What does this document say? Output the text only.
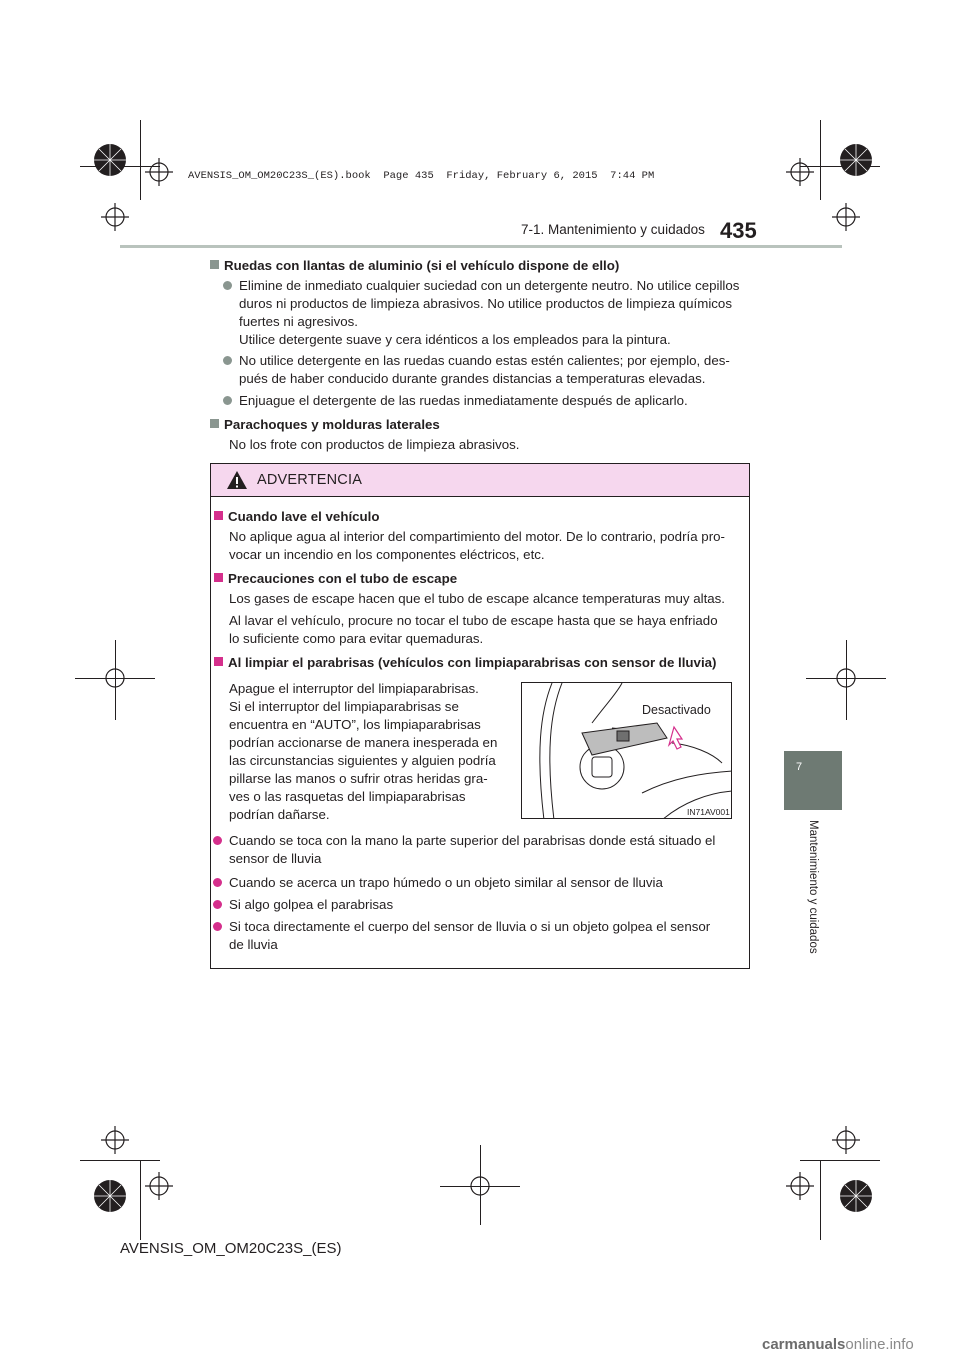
AVENSIS_OM_OM20C23S_(ES).book  Page 435  Friday, February 6, 2015  7:44 PM
7-1. Mantenimiento y cuidados 435
7
Mantenimiento y cuidados
Ruedas con llantas de aluminio (si el vehículo dispone de ello)
Elimine de inmediato cualquier suciedad con un detergente neutro. No utilice cepillos
duros ni productos de limpieza abrasivos. No utilice productos de limpieza químicos
fuertes ni agresivos.
Utilice detergente suave y cera idénticos a los empleados para la pintura.
No utilice detergente en las ruedas cuando estas estén calientes; por ejemplo, des-
pués de haber conducido durante grandes distancias a temperaturas elevadas.
Enjuague el detergente de las ruedas inmediatamente después de aplicarlo.
Parachoques y molduras laterales
No los frote con productos de limpieza abrasivos.
ADVERTENCIA
Cuando lave el vehículo
No aplique agua al interior del compartimiento del motor. De lo contrario, podría pro-
vocar un incendio en los componentes eléctricos, etc.
Precauciones con el tubo de escape
Los gases de escape hacen que el tubo de escape alcance temperaturas muy altas.
Al lavar el vehículo, procure no tocar el tubo de escape hasta que se haya enfriado
lo suficiente como para evitar quemaduras.
Al limpiar el parabrisas (vehículos con limpiaparabrisas con sensor de lluvia)
Apague el interruptor del limpiaparabrisas.
Si el interruptor del limpiaparabrisas se
encuentra en “AUTO”, los limpiaparabrisas
podrían accionarse de manera inesperada en
las circunstancias siguientes y alguien podría
pillarse las manos o sufrir otras heridas gra-
ves o las rasquetas del limpiaparabrisas
podrían dañarse.
Desactivado
IN71AV001
Cuando se toca con la mano la parte superior del parabrisas donde está situado el
sensor de lluvia
Cuando se acerca un trapo húmedo o un objeto similar al sensor de lluvia
Si algo golpea el parabrisas
Si toca directamente el cuerpo del sensor de lluvia o si un objeto golpea el sensor
de lluvia
AVENSIS_OM_OM20C23S_(ES)
carmanualsonline.info
